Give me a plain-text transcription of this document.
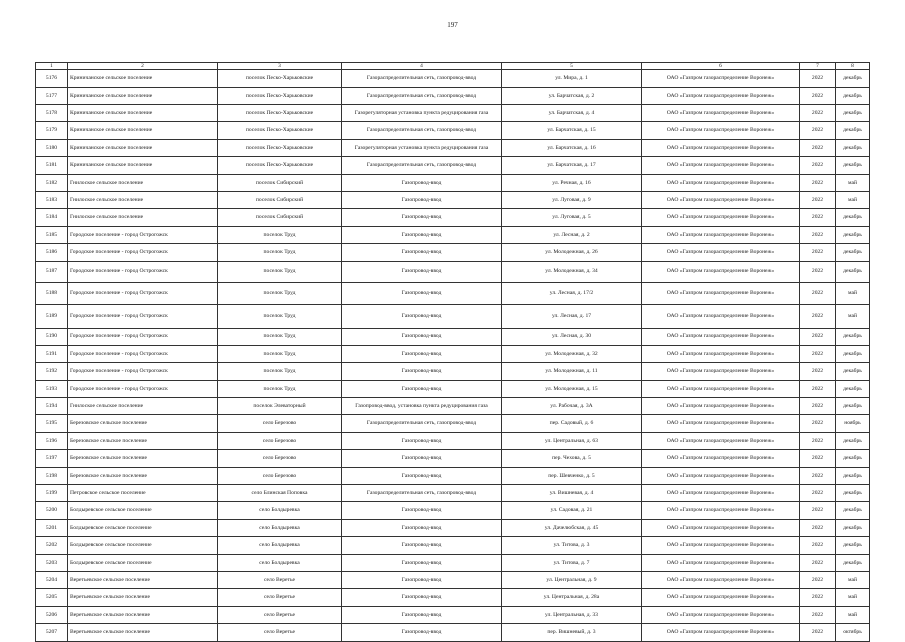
197
1	2	3	4	5	6	7	8
5176	Криничанское сельское поселение	поселок Песко-Харьковские	Газораспределительная сеть, газопровод-ввод	ул. Мира, д. 1	ОАО «Газпром газораспределение Воронеж»	2022	декабрь
5177	Криничанское сельское поселение	поселок Песко-Харьковские	Газораспределительная сеть, газопровод-ввод	ул. Барчатская, д. 2	ОАО «Газпром газораспределение Воронеж»	2022	декабрь
5178	Криничанское сельское поселение	поселок Песко-Харьковские	Газорегуляторная установка пункта редуцирования газа	ул. Барчатская, д. 4	ОАО «Газпром газораспределение Воронеж»	2022	декабрь
5179	Криничанское сельское поселение	поселок Песко-Харьковские	Газораспределительная сеть, газопровод-ввод	ул. Барчатская, д. 15	ОАО «Газпром газораспределение Воронеж»	2022	декабрь
5180	Криничанское сельское поселение	поселок Песко-Харьковские	Газорегуляторная установка пункта редуцирования газа	ул. Барчатская, д. 16	ОАО «Газпром газораспределение Воронеж»	2022	декабрь
5181	Криничанское сельское поселение	поселок Песко-Харьковские	Газораспределительная сеть, газопровод-ввод	ул. Барчатская, д. 17	ОАО «Газпром газораспределение Воронеж»	2022	декабрь
5182	Гнилоское сельское поселение	поселок Сибирский	Газопровод-ввод	ул. Речная, д. 16	ОАО «Газпром газораспределение Воронеж»	2022	май
5183	Гнилоское сельское поселение	поселок Сибирский	Газопровод-ввод	ул. Луговая, д. 9	ОАО «Газпром газораспределение Воронеж»	2022	май
5184	Гнилоское сельское поселение	поселок Сибирский	Газопровод-ввод	ул. Луговая, д. 5	ОАО «Газпром газораспределение Воронеж»	2022	декабрь
5185	Городское поселение - город Острогожск	поселок Труд	Газопровод-ввод	ул. Лесная, д. 2	ОАО «Газпром газораспределение Воронеж»	2022	декабрь
5186	Городское поселение - город Острогожск	поселок Труд	Газопровод-ввод	ул. Молодежная, д. 26	ОАО «Газпром газораспределение Воронеж»	2022	декабрь
5187	Городское поселение - город Острогожск	поселок Труд	Газопровод-ввод	ул. Молодежная, д. 34	ОАО «Газпром газораспределение Воронеж»	2022	декабрь
5188	Городское поселение - город Острогожск	поселок Труд	Газопровод-ввод	ул. Лесная, д. 17/2	ОАО «Газпром газораспределение Воронеж»	2022	май
5189	Городское поселение - город Острогожск	поселок Труд	Газопровод-ввод	ул. Лесная, д. 17	ОАО «Газпром газораспределение Воронеж»	2022	май
5190	Городское поселение - город Острогожск	поселок Труд	Газопровод-ввод	ул. Лесная, д. 30	ОАО «Газпром газораспределение Воронеж»	2022	декабрь
5191	Городское поселение - город Острогожск	поселок Труд	Газопровод-ввод	ул. Молодежная, д. 32	ОАО «Газпром газораспределение Воронеж»	2022	декабрь
5192	Городское поселение - город Острогожск	поселок Труд	Газопровод-ввод	ул. Молодежная, д. 11	ОАО «Газпром газораспределение Воронеж»	2022	декабрь
5193	Городское поселение - город Острогожск	поселок Труд	Газопровод-ввод	ул. Молодежная, д. 15	ОАО «Газпром газораспределение Воронеж»	2022	декабрь
5194	Гнилоское сельское поселение	поселок Элеваторный	Газопровод-ввод, установка пункта редуцирования газа	ул. Рабочая, д. 3А	ОАО «Газпром газораспределение Воронеж»	2022	декабрь
5195	Березовское сельское поселение	село Березово	Газораспределительная сеть, газопровод-ввод	пер. Садовый, д. 6	ОАО «Газпром газораспределение Воронеж»	2022	ноябрь
5196	Березовское сельское поселение	село Березово	Газопровод-ввод	ул. Центральная, д. 63	ОАО «Газпром газораспределение Воронеж»	2022	декабрь
5197	Березовское сельское поселение	село Березово	Газопровод-ввод	пер. Чехова, д. 5	ОАО «Газпром газораспределение Воронеж»	2022	декабрь
5198	Березовское сельское поселение	село Березово	Газопровод-ввод	пер. Шевченко, д. 5	ОАО «Газпром газораспределение Воронеж»	2022	декабрь
5199	Петровское сельское поселение	село Блинская Поповка	Газораспределительная сеть, газопровод-ввод	ул. Вишневая, д. 4	ОАО «Газпром газораспределение Воронеж»	2022	декабрь
5200	Болдыревское сельское поселение	село Болдыревка	Газопровод-ввод	ул. Садовая, д. 21	ОАО «Газпром газораспределение Воронеж»	2022	декабрь
5201	Болдыревское сельское поселение	село Болдыревка	Газопровод-ввод	ул. Дачелюбская, д. 45	ОАО «Газпром газораспределение Воронеж»	2022	декабрь
5202	Болдыревское сельское поселение	село Болдыревка	Газопровод-ввод	ул. Титова, д. 3	ОАО «Газпром газораспределение Воронеж»	2022	декабрь
5203	Болдыревское сельское поселение	село Болдыревка	Газопровод-ввод	ул. Титова, д. 7	ОАО «Газпром газораспределение Воронеж»	2022	декабрь
5204	Веретьевское сельское поселение	село Веретье	Газопровод-ввод	ул. Центральная, д. 9	ОАО «Газпром газораспределение Воронеж»	2022	май
5205	Веретьевское сельское поселение	село Веретье	Газопровод-ввод	ул. Центральная, д. 28а	ОАО «Газпром газораспределение Воронеж»	2022	май
5206	Веретьевское сельское поселение	село Веретье	Газопровод-ввод	ул. Центральная, д. 33	ОАО «Газпром газораспределение Воронеж»	2022	май
5207	Веретьевское сельское поселение	село Веретье	Газопровод-ввод	пер. Вишневый, д. 3	ОАО «Газпром газораспределение Воронеж»	2022	октябрь
